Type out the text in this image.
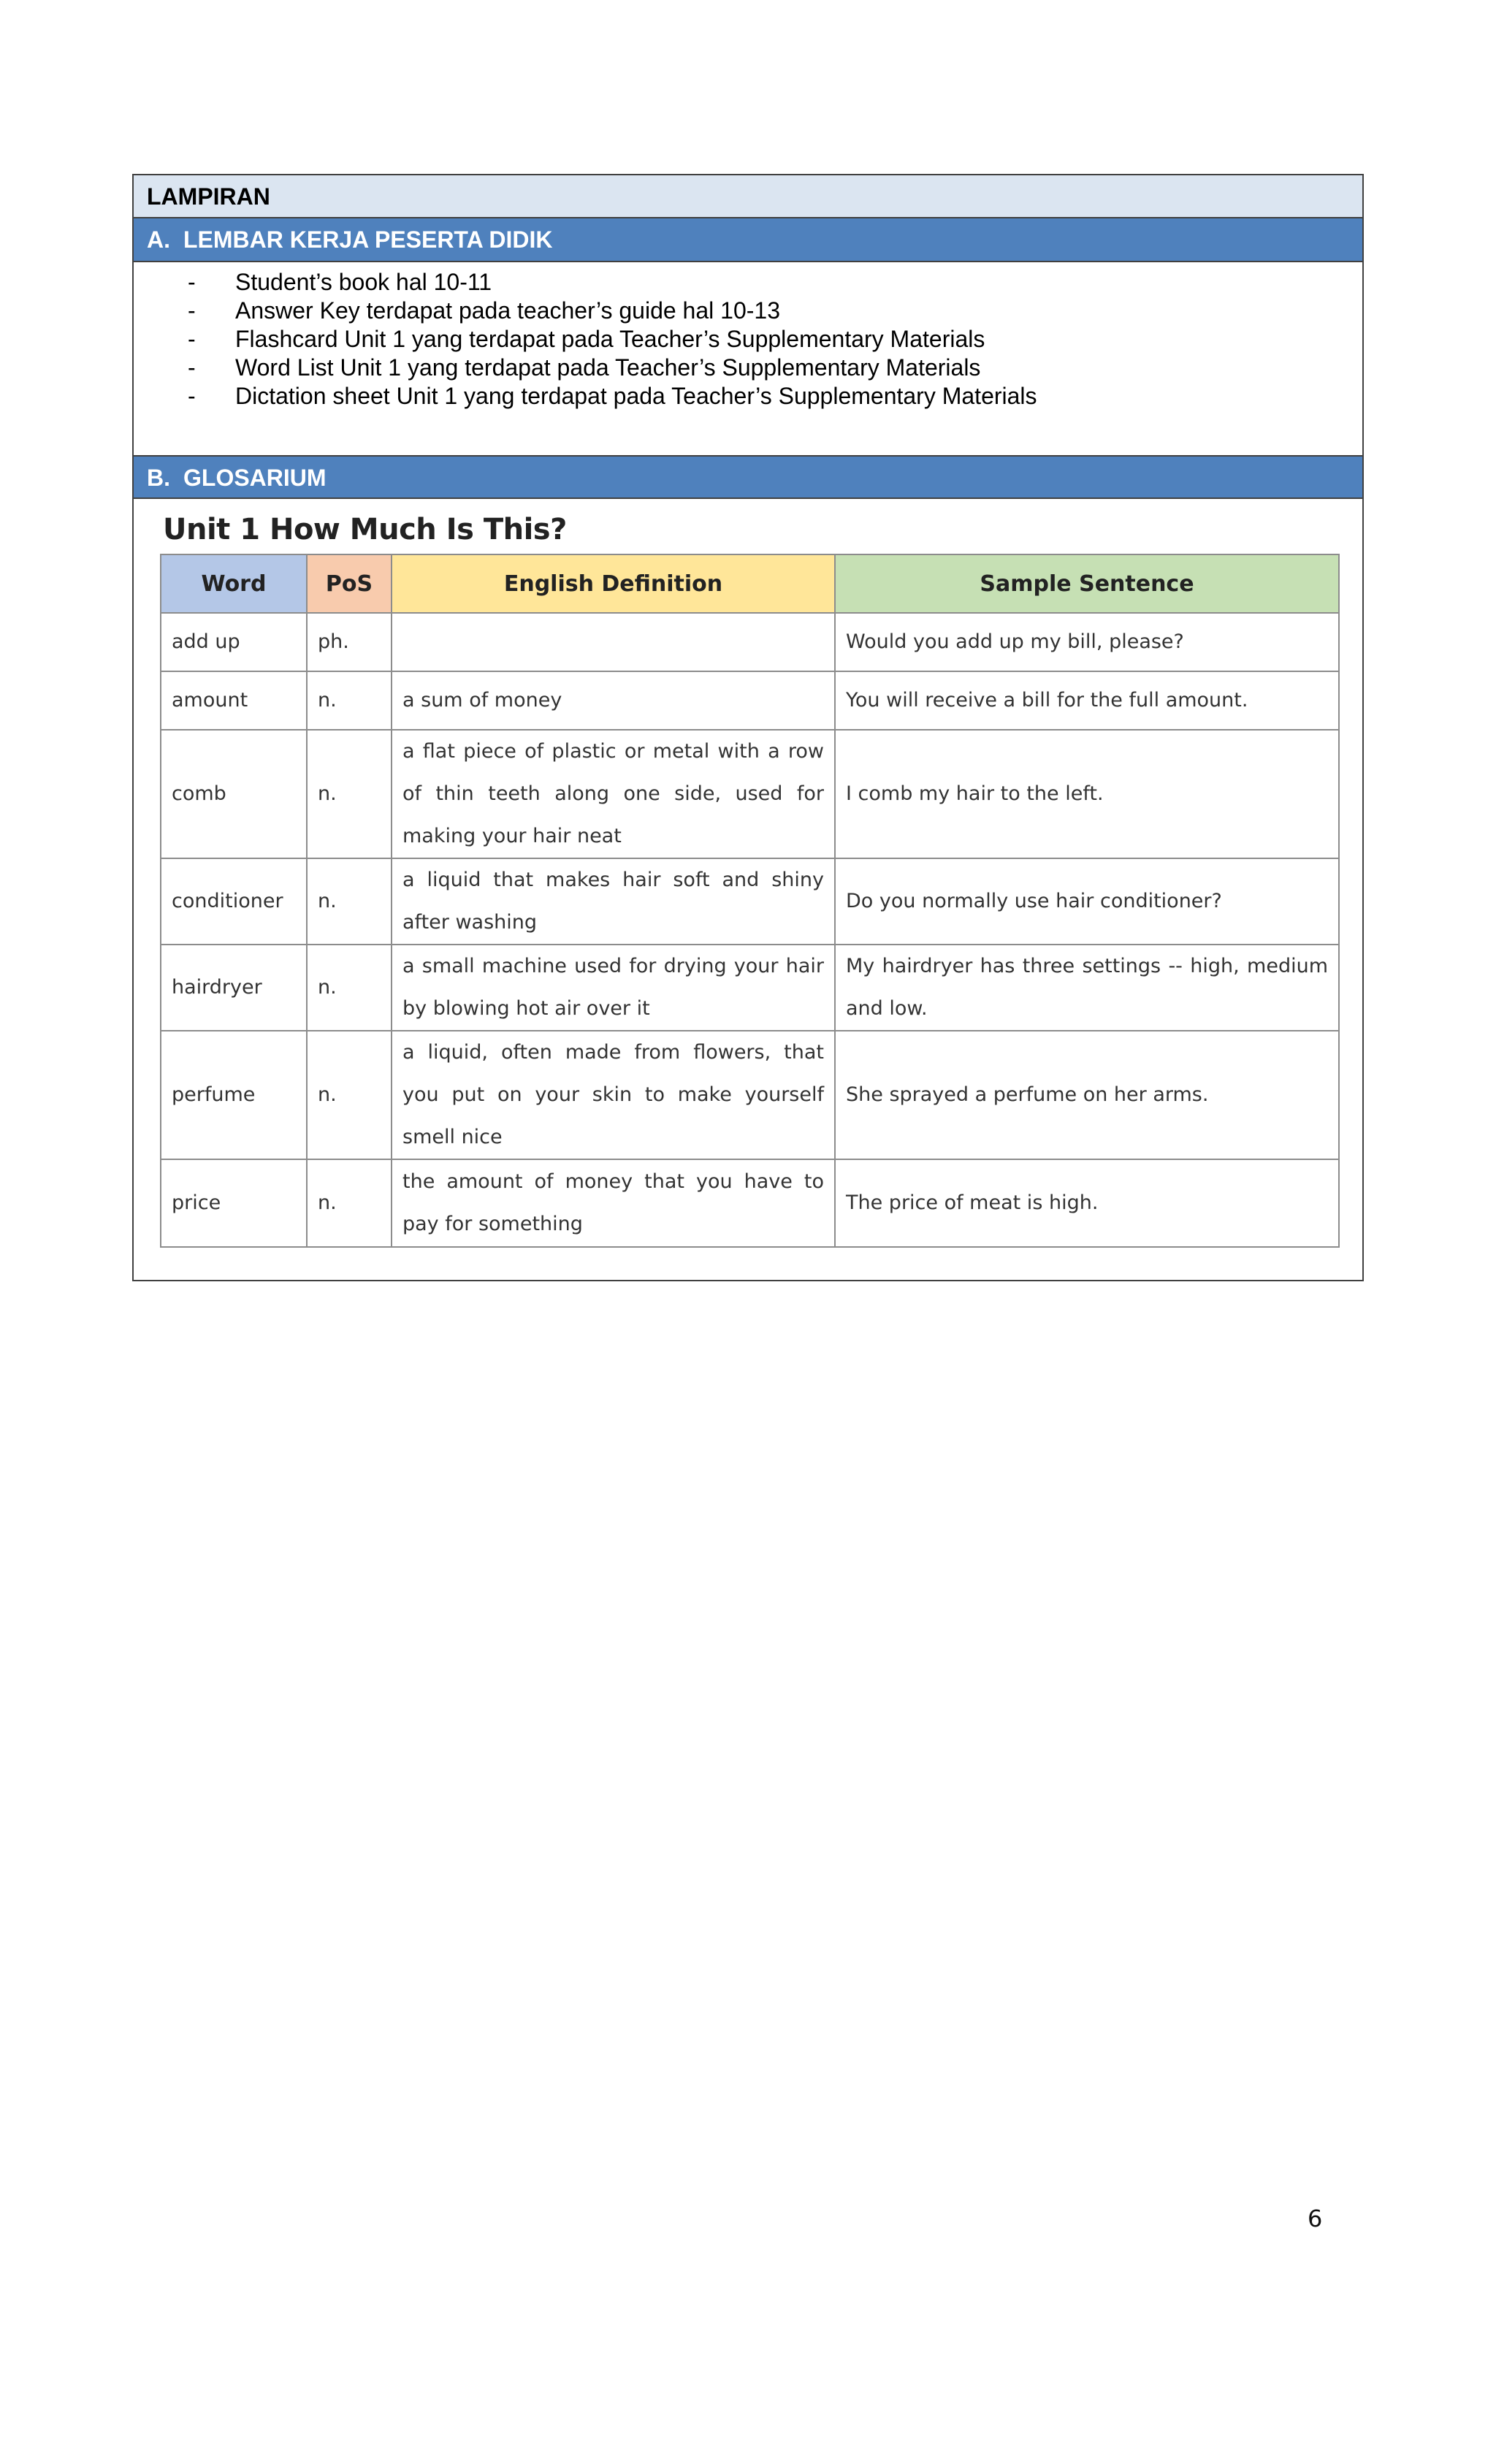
LAMPIRAN
A. LEMBAR KERJA PESERTA DIDIK
- Student’s book hal 10-11
- Answer Key terdapat pada teacher’s guide hal 10-13
- Flashcard Unit 1 yang terdapat pada Teacher’s Supplementary Materials
- Word List Unit 1 yang terdapat pada Teacher’s Supplementary Materials
- Dictation sheet Unit 1 yang terdapat pada Teacher’s Supplementary Materials
B. GLOSARIUM
Unit 1 How Much Is This?
Word	PoS	English Definition	Sample Sentence
add up	ph.		Would you add up my bill, please?
amount	n.	a sum of money	You will receive a bill for the full amount.
comb	n.	a flat piece of plastic or metal with a row of thin teeth along one side, used for making your hair neat	I comb my hair to the left.
conditioner	n.	a liquid that makes hair soft and shiny after washing	Do you normally use hair conditioner?
hairdryer	n.	a small machine used for drying your hair by blowing hot air over it	My hairdryer has three settings -- high, medium and low.
perfume	n.	a liquid, often made from flowers, that you put on your skin to make yourself smell nice	She sprayed a perfume on her arms.
price	n.	the amount of money that you have to pay for something	The price of meat is high.
6
